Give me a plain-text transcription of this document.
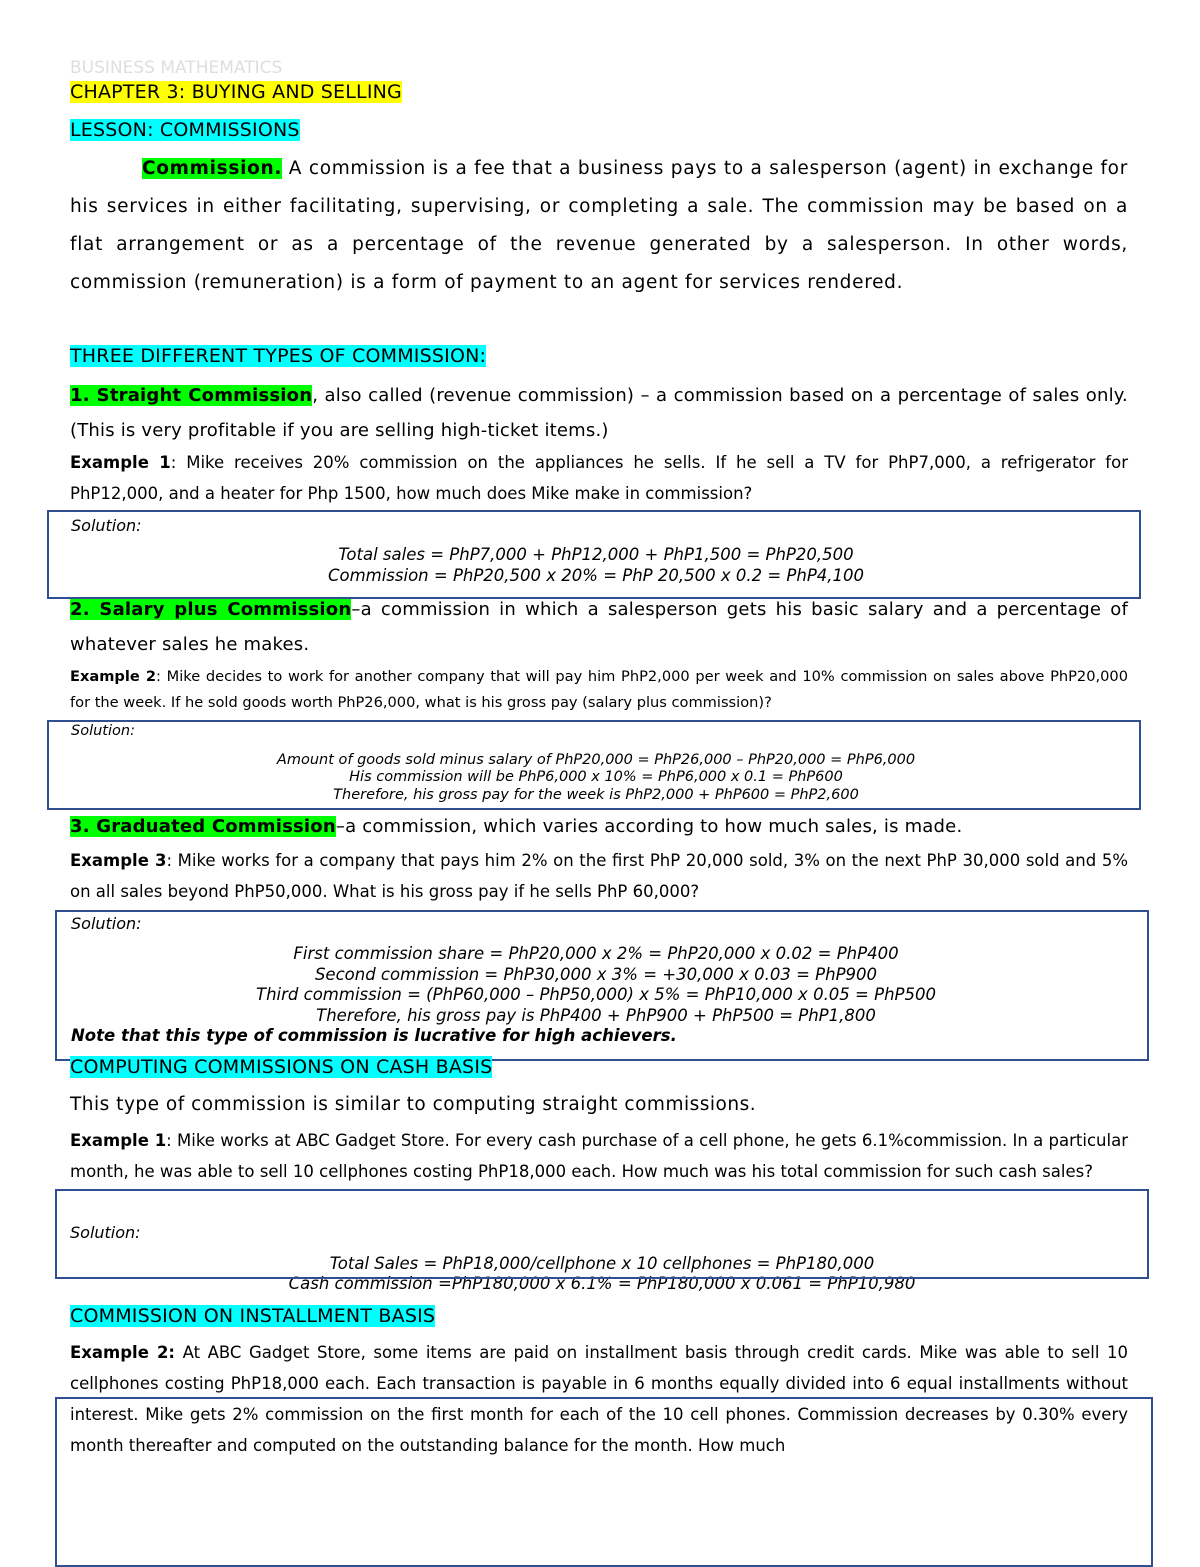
BUSINESS MATHEMATICS
CHAPTER 3: BUYING AND SELLING
LESSON: COMMISSIONS

Commission. A commission is a fee that a business pays to a salesperson (agent) in exchange for his services in either facilitating, supervising, or completing a sale. The commission may be based on a flat arrangement or as a percentage of the revenue generated by a salesperson. In other words, commission (remuneration) is a form of payment to an agent for services rendered.

THREE DIFFERENT TYPES OF COMMISSION:

1. Straight Commission, also called (revenue commission) – a commission based on a percentage of sales only. (This is very profitable if you are selling high-ticket items.)

Example 1: Mike receives 20% commission on the appliances he sells. If he sell a TV for PhP7,000, a refrigerator for PhP12,000, and a heater for Php 1500, how much does Mike make in commission?

Solution:
Total sales = PhP7,000 + PhP12,000 + PhP1,500 = PhP20,500
Commission = PhP20,500 x 20% = PhP 20,500 x 0.2 = PhP4,100

2. Salary plus Commission–a commission in which a salesperson gets his basic salary and a percentage of whatever sales he makes.

Example 2: Mike decides to work for another company that will pay him PhP2,000 per week and 10% commission on sales above PhP20,000 for the week. If he sold goods worth PhP26,000, what is his gross pay (salary plus commission)?

Solution:
Amount of goods sold minus salary of PhP20,000 = PhP26,000 – PhP20,000 = PhP6,000
His commission will be PhP6,000 x 10% = PhP6,000 x 0.1 = PhP600
Therefore, his gross pay for the week is PhP2,000 + PhP600 = PhP2,600

3. Graduated Commission–a commission, which varies according to how much sales, is made.

Example 3: Mike works for a company that pays him 2% on the first PhP 20,000 sold, 3% on the next PhP 30,000 sold and 5% on all sales beyond PhP50,000. What is his gross pay if he sells PhP 60,000?

Solution:
First commission share = PhP20,000 x 2% = PhP20,000 x 0.02 = PhP400
Second commission = PhP30,000 x 3% = +30,000 x 0.03 = PhP900
Third commission = (PhP60,000 – PhP50,000) x 5% = PhP10,000 x 0.05 = PhP500
Therefore, his gross pay is PhP400 + PhP900 + PhP500 = PhP1,800
Note that this type of commission is lucrative for high achievers.
COMPUTING COMMISSIONS ON CASH BASIS
This type of commission is similar to computing straight commissions.

Example 1: Mike works at ABC Gadget Store. For every cash purchase of a cell phone, he gets 6.1%commission. In a particular month, he was able to sell 10 cellphones costing PhP18,000 each. How much was his total commission for such cash sales?

Solution:
Total Sales = PhP18,000/cellphone x 10 cellphones = PhP180,000
Cash commission =PhP180,000 x 6.1% = PhP180,000 x 0.061 = PhP10,980
COMMISSION ON INSTALLMENT BASIS

Example 2: At ABC Gadget Store, some items are paid on installment basis through credit cards. Mike was able to sell 10 cellphones costing PhP18,000 each. Each transaction is payable in 6 months equally divided into 6 equal installments without interest. Mike gets 2% commission on the first month for each of the 10 cell phones. Commission decreases by 0.30% every month thereafter and computed on the outstanding balance for the month. How much
